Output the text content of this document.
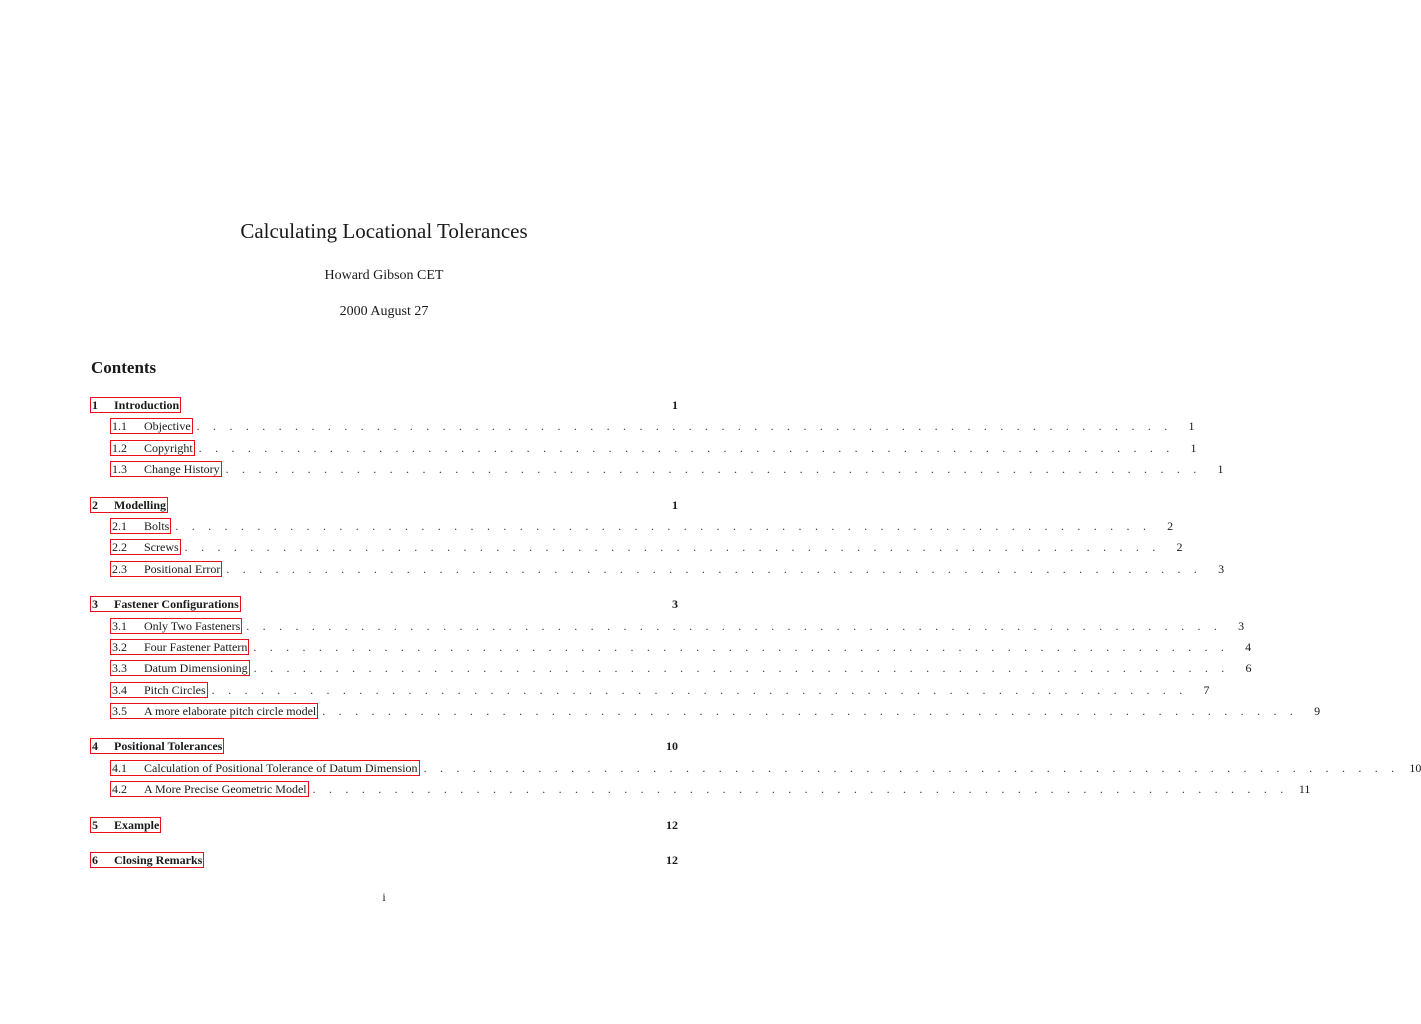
Calculating Locational Tolerances
Howard Gibson CET
2000 August 27
Contents
1	Introduction	1
1.1	Objective . . . . . . . . . . . . . . . . . . . . . . . . . . . . . . . . . . . . . . . . . . . . . . . . . . . . . . . . . . . .	1
1.2	Copyright . . . . . . . . . . . . . . . . . . . . . . . . . . . . . . . . . . . . . . . . . . . . . . . . . . . . . . . . . . . .	1
1.3	Change History . . . . . . . . . . . . . . . . . . . . . . . . . . . . . . . . . . . . . . . . . . . . . . . . . . . . . . . . . . . .	1
2	Modelling	1
2.1	Bolts . . . . . . . . . . . . . . . . . . . . . . . . . . . . . . . . . . . . . . . . . . . . . . . . . . . . . . . . . . . .	2
2.2	Screws . . . . . . . . . . . . . . . . . . . . . . . . . . . . . . . . . . . . . . . . . . . . . . . . . . . . . . . . . . . .	2
2.3	Positional Error . . . . . . . . . . . . . . . . . . . . . . . . . . . . . . . . . . . . . . . . . . . . . . . . . . . . . . . . . . . .	3
3	Fastener Configurations	3
3.1	Only Two Fasteners . . . . . . . . . . . . . . . . . . . . . . . . . . . . . . . . . . . . . . . . . . . . . . . . . . . . . . . . . . . .	3
3.2	Four Fastener Pattern . . . . . . . . . . . . . . . . . . . . . . . . . . . . . . . . . . . . . . . . . . . . . . . . . . . . . . . . . . . .	4
3.3	Datum Dimensioning . . . . . . . . . . . . . . . . . . . . . . . . . . . . . . . . . . . . . . . . . . . . . . . . . . . . . . . . . . . .	6
3.4	Pitch Circles . . . . . . . . . . . . . . . . . . . . . . . . . . . . . . . . . . . . . . . . . . . . . . . . . . . . . . . . . . . .	7
3.5	A more elaborate pitch circle model . . . . . . . . . . . . . . . . . . . . . . . . . . . . . . . . . . . . . . . . . . . . . . . . . . . . . . . . . . . .	9
4	Positional Tolerances	10
4.1	Calculation of Positional Tolerance of Datum Dimension . . . . . . . . . . . . . . . . . . . . . . . . . . . . . . . . . . . . . . . . . . . . . . . . . . . . . . . . . . . . 10
4.2	A More Precise Geometric Model . . . . . . . . . . . . . . . . . . . . . . . . . . . . . . . . . . . . . . . . . . . . . . . . . . . . . . . . . . . . 11
5	Example	12
6	Closing Remarks	12
i
